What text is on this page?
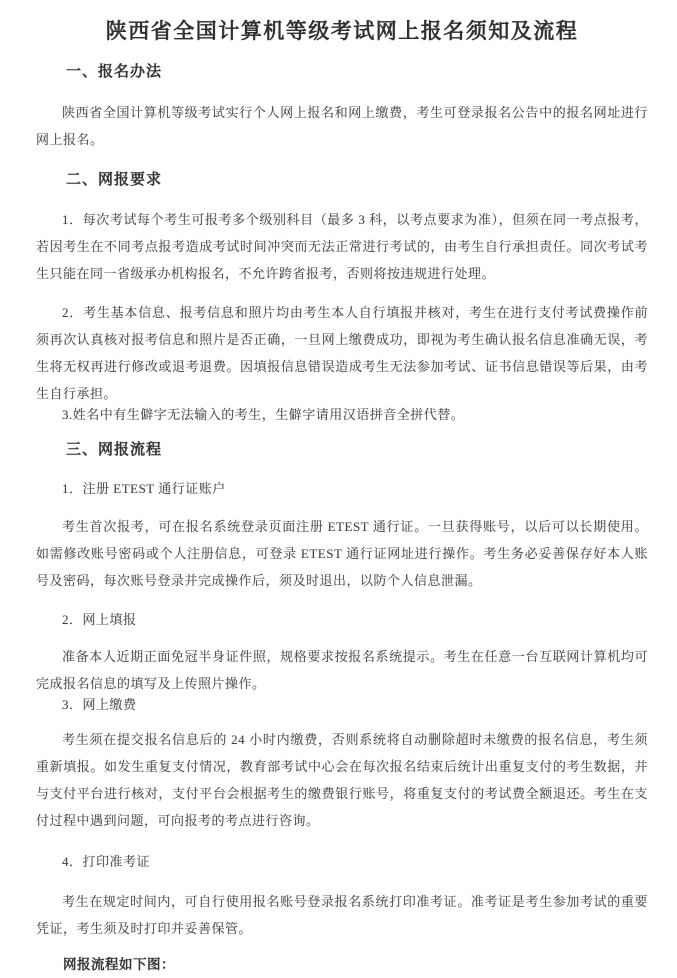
陕西省全国计算机等级考试网上报名须知及流程
一、报名办法

陕西省全国计算机等级考试实行个人网上报名和网上缴费，考生可登录报名公告中的报名网址进行网上报名。

二、网报要求

1．每次考试每个考生可报考多个级别科目（最多 3 科，以考点要求为准），但须在同一考点报考，若因考生在不同考点报考造成考试时间冲突而无法正常进行考试的，由考生自行承担责任。同次考试考生只能在同一省级承办机构报名，不允许跨省报考，否则将按违规进行处理。

2．考生基本信息、报考信息和照片均由考生本人自行填报并核对，考生在进行支付考试费操作前须再次认真核对报考信息和照片是否正确，一旦网上缴费成功，即视为考生确认报名信息准确无误，考生将无权再进行修改或退考退费。因填报信息错误造成考生无法参加考试、证书信息错误等后果，由考生自行承担。

3.姓名中有生僻字无法输入的考生，生僻字请用汉语拼音全拼代替。

三、网报流程

1．注册 ETEST 通行证账户

考生首次报考，可在报名系统登录页面注册 ETEST 通行证。一旦获得账号，以后可以长期使用。如需修改账号密码或个人注册信息，可登录 ETEST 通行证网址进行操作。考生务必妥善保存好本人账号及密码，每次账号登录并完成操作后，须及时退出，以防个人信息泄漏。

2．网上填报

准备本人近期正面免冠半身证件照，规格要求按报名系统提示。考生在任意一台互联网计算机均可完成报名信息的填写及上传照片操作。

3．网上缴费

考生须在提交报名信息后的 24 小时内缴费，否则系统将自动删除超时未缴费的报名信息，考生须重新填报。如发生重复支付情况，教育部考试中心会在每次报名结束后统计出重复支付的考生数据，并与支付平台进行核对，支付平台会根据考生的缴费银行账号，将重复支付的考试费全额退还。考生在支付过程中遇到问题，可向报考的考点进行咨询。

4．打印准考证

考生在规定时间内，可自行使用报名账号登录报名系统打印准考证。准考证是考生参加考试的重要凭证，考生须及时打印并妥善保管。

网报流程如下图：
